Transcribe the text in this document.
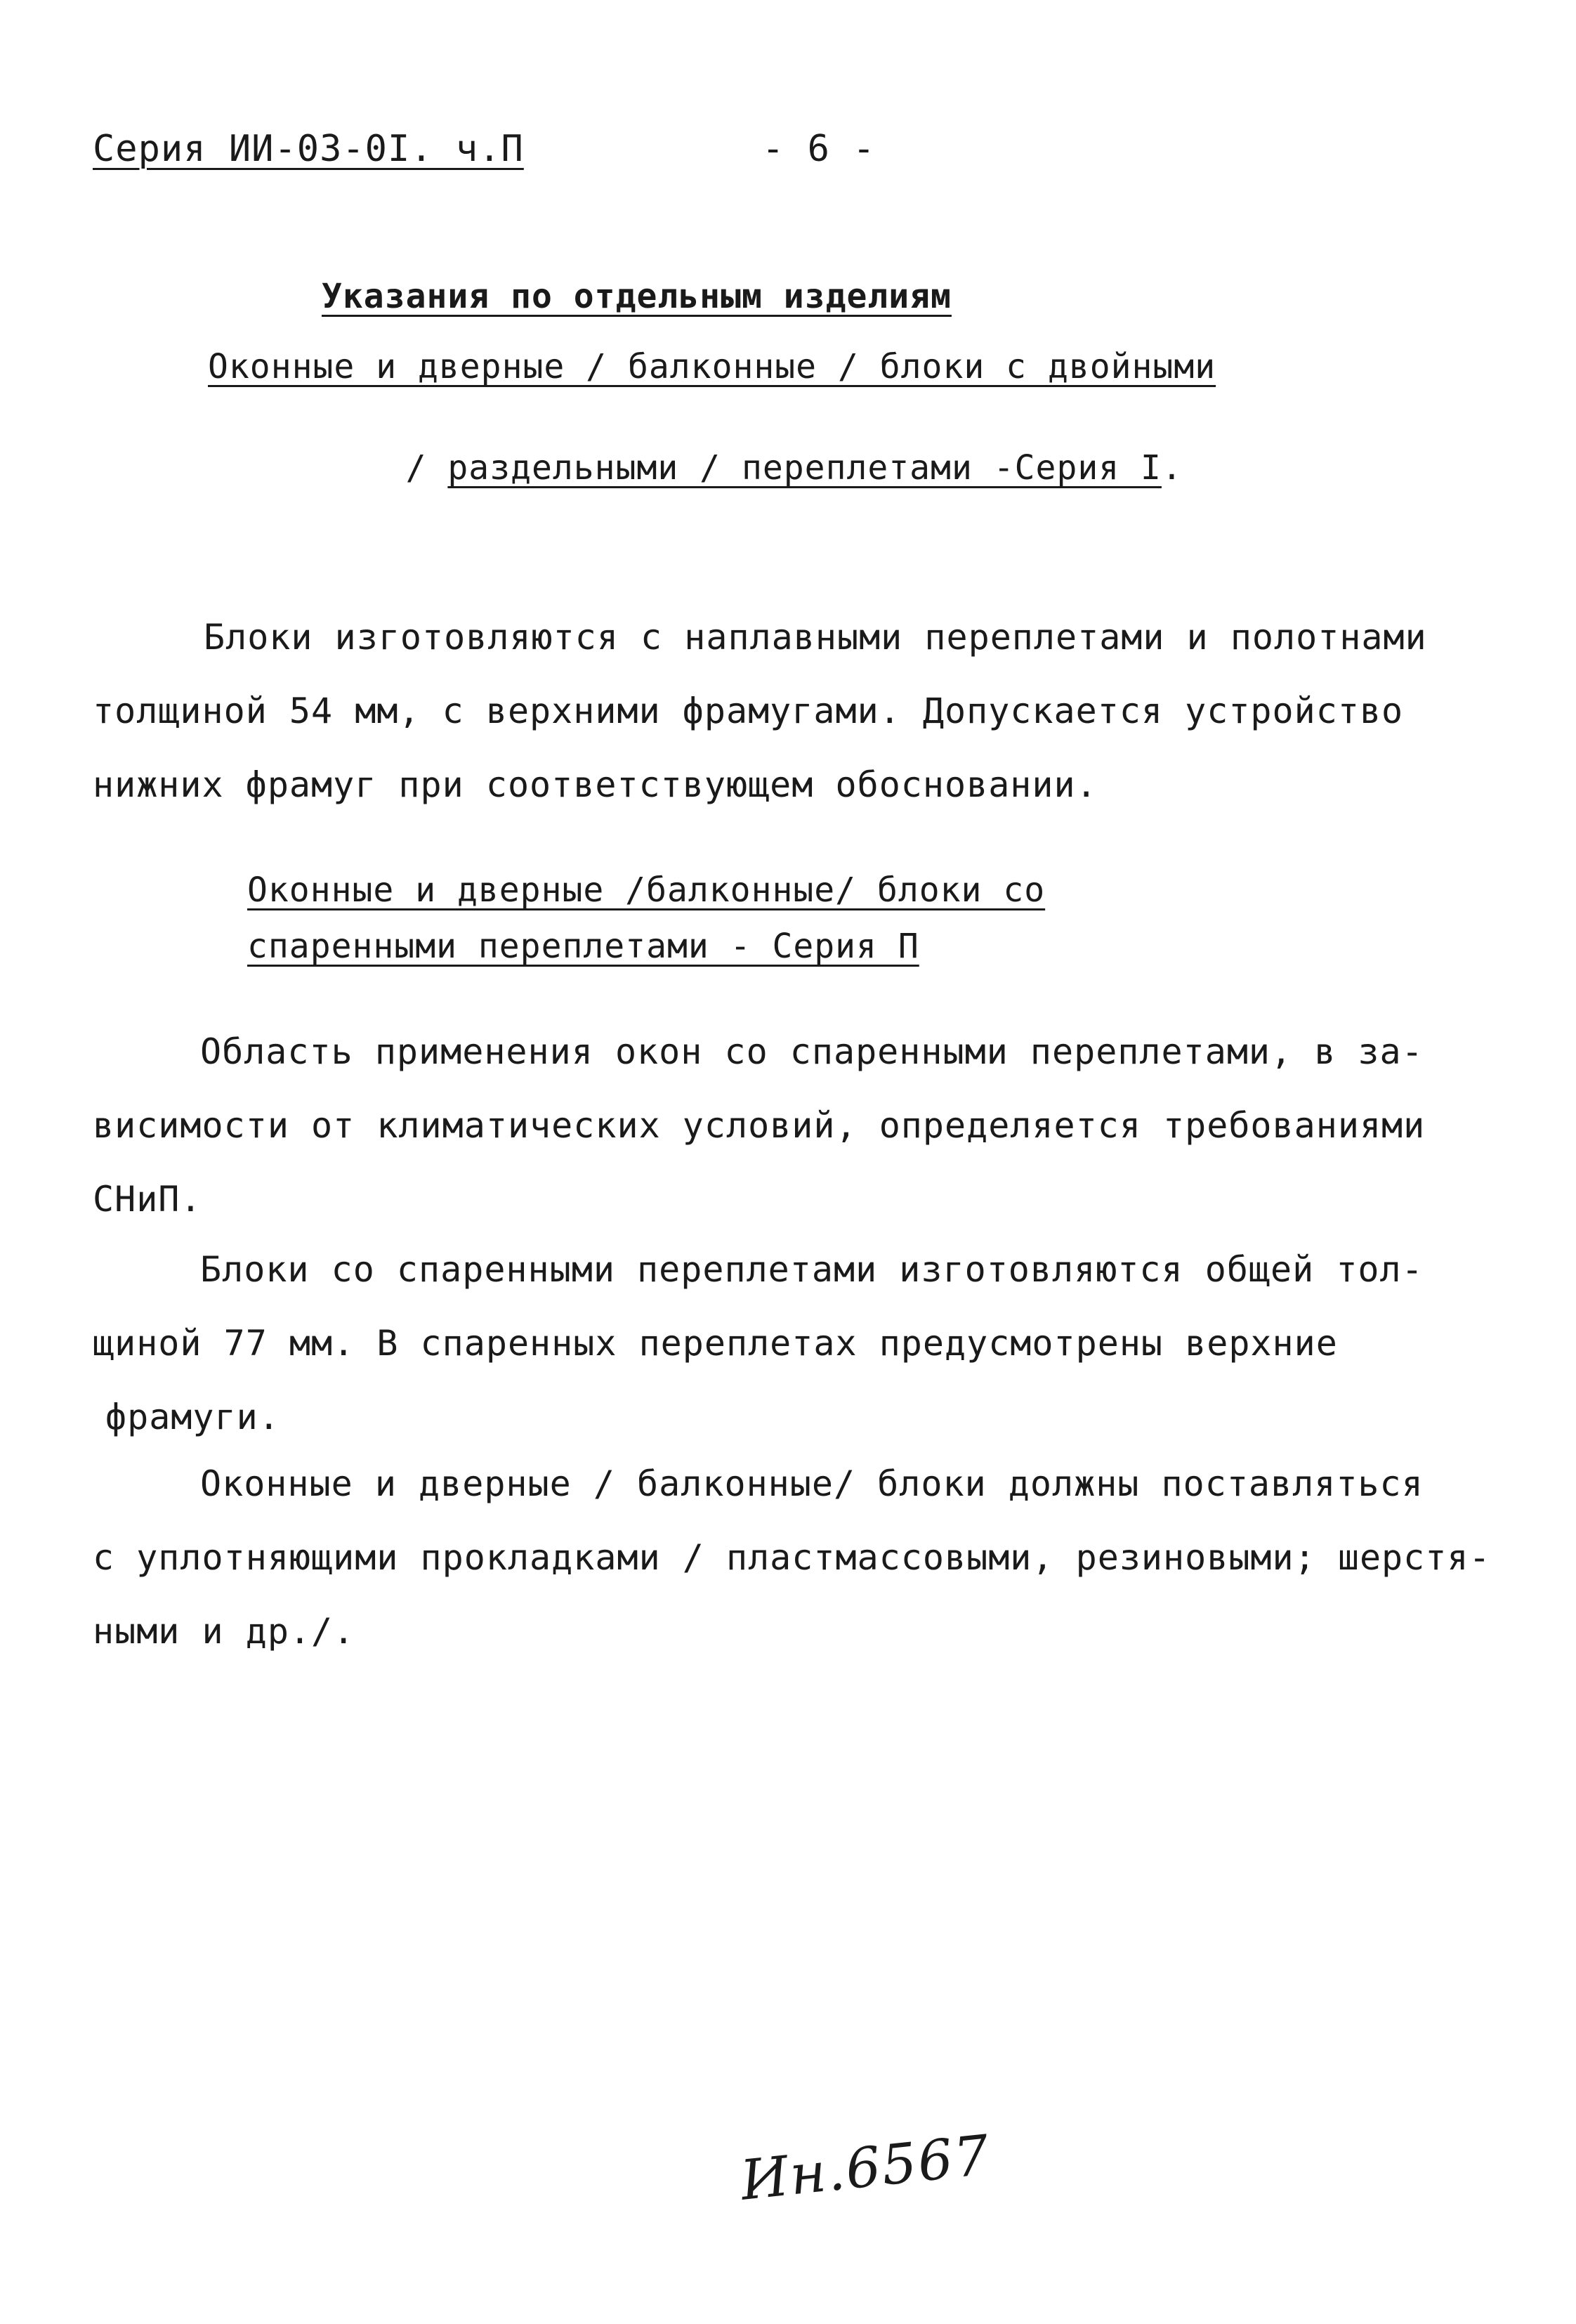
Серия ИИ-03-0I. ч.П	- 6 -
Указания по отдельным изделиям
Оконные и дверные / балконные / блоки с двойными

/ раздельными / переплетами -Серия I.

Блоки изготовляются с наплавными переплетами и полотнами
толщиной 54 мм, с верхними фрамугами. Допускается устройство
нижних фрамуг при соответствующем обосновании.
Оконные и дверные /балконные/ блоки со
спаренными переплетами - Серия П
Область применения окон со спаренными переплетами, в за-
висимости от климатических условий, определяется требованиями
СНиП.
Блоки со спаренными переплетами изготовляются общей тол-
щиной 77 мм. В спаренных переплетах предусмотрены верхние
фрамуги.
Оконные и дверные / балконные/ блоки должны поставляться
с уплотняющими прокладками / пластмассовыми, резиновыми; шерстя-
ными и др./.
Ин.6567
